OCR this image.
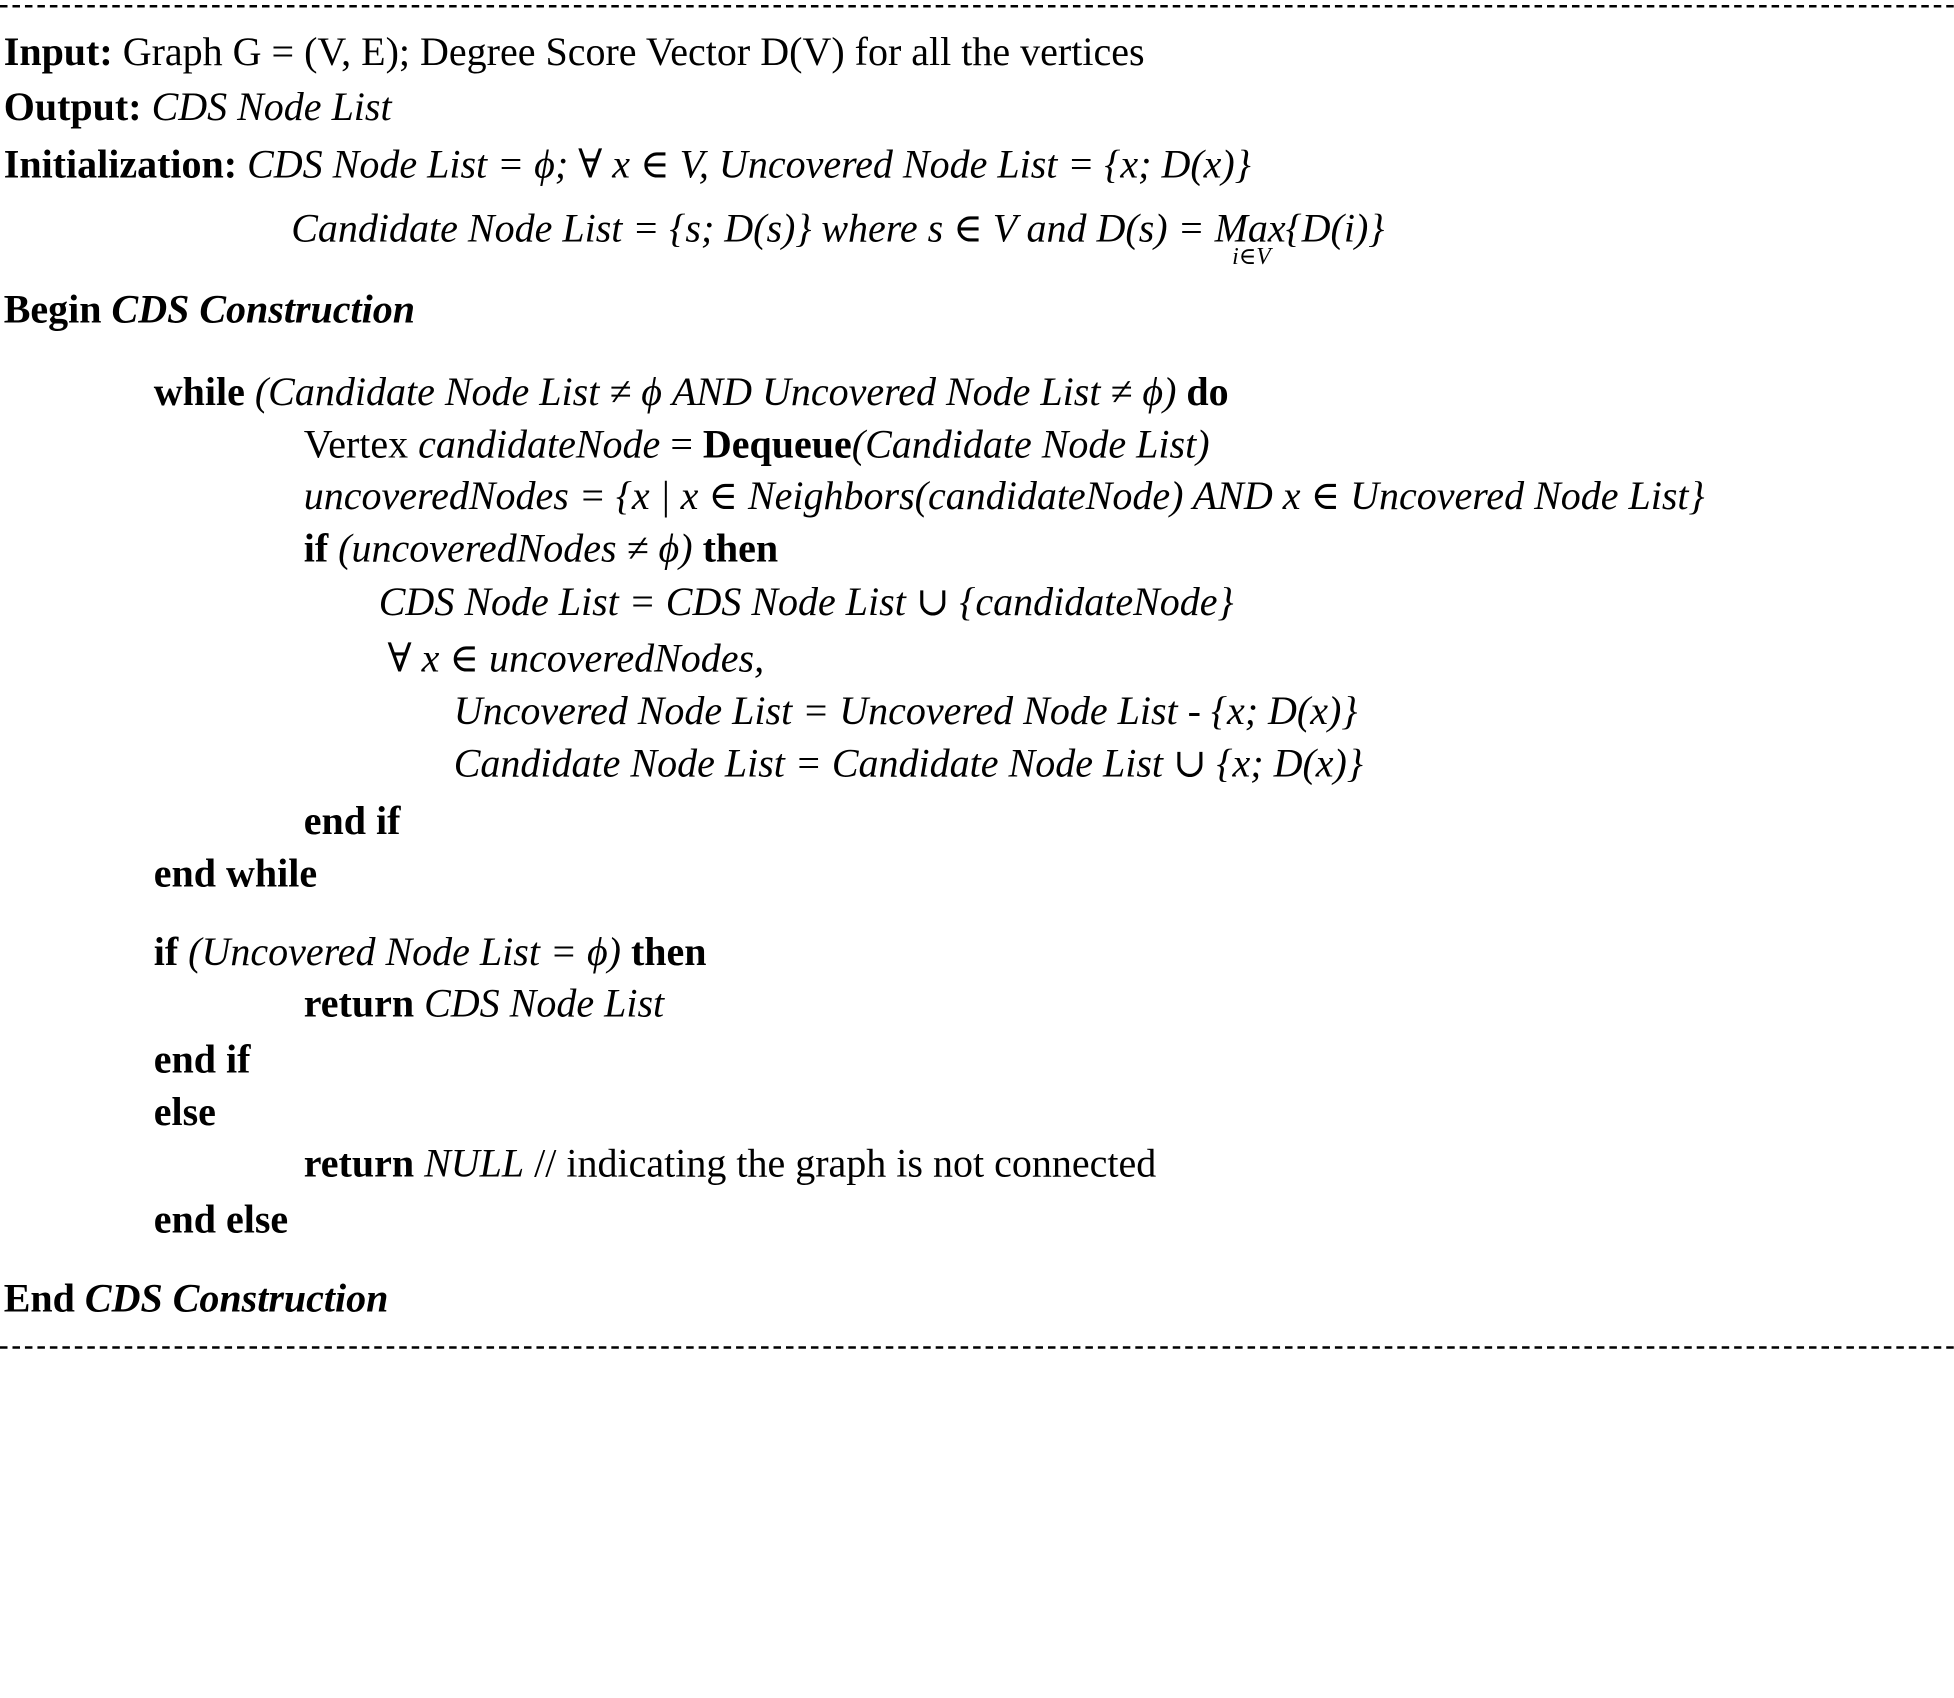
Input: Graph G = (V, E); Degree Score Vector D(V) for all the vertices
Output: CDS Node List
Initialization: CDS Node List = ϕ; ∀ x ∈ V, Uncovered Node List = {x; D(x)}
Candidate Node List = {s; D(s)} where s ∈ V and D(s) = Max
i∈V
{D(i)}
Begin CDS Construction
while (Candidate Node List ≠ ϕ AND Uncovered Node List ≠ ϕ) do
Vertex candidateNode = Dequeue(Candidate Node List)
uncoveredNodes = {x | x ∈ Neighbors(candidateNode) AND x ∈ Uncovered Node List}
if (uncoveredNodes ≠ ϕ) then
CDS Node List = CDS Node List ∪ {candidateNode}
∀ x ∈ uncoveredNodes,
Uncovered Node List = Uncovered Node List - {x; D(x)}
Candidate Node List = Candidate Node List ∪ {x; D(x)}
end if
end while
if (Uncovered Node List = ϕ) then
return CDS Node List
end if
else
return NULL // indicating the graph is not connected
end else
End CDS Construction
